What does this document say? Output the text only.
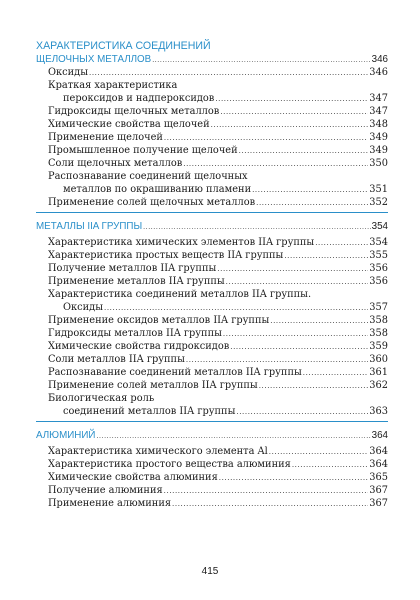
ХАРАКТЕРИСТИКА СОЕДИНЕНИЙ
ЩЕЛОЧНЫХ МЕТАЛЛОВ .....	346
Оксиды .....	346
Краткая характеристика
пероксидов и надпероксидов .....	347
Гидроксиды щелочных металлов .....	347
Химические свойства щелочей .....	348
Применение щелочей .....	349
Промышленное получение щелочей .....	349
Соли щелочных металлов .....	350
Распознавание соединений щелочных
металлов по окрашиванию пламени .....	351
Применение солей щелочных металлов .....	352
МЕТАЛЛЫ IIA ГРУППЫ .....	354
Характеристика химических элементов IIA группы .....	354
Характеристика простых веществ IIA группы .....	355
Получение металлов IIA группы .....	356
Применение металлов IIA группы .....	356
Характеристика соединений металлов IIA группы.
Оксиды .....	357
Применение оксидов металлов IIA группы .....	358
Гидроксиды металлов IIA группы .....	358
Химические свойства гидроксидов .....	359
Соли металлов IIA группы .....	360
Распознавание соединений металлов IIA группы .....	361
Применение солей металлов IIA группы .....	362
Биологическая роль
соединений металлов IIA группы .....	363
АЛЮМИНИЙ .....	364
Характеристика химического элемента Al .....	364
Характеристика простого вещества алюминия .....	364
Химические свойства алюминия .....	365
Получение алюминия .....	367
Применение алюминия .....	367
415
